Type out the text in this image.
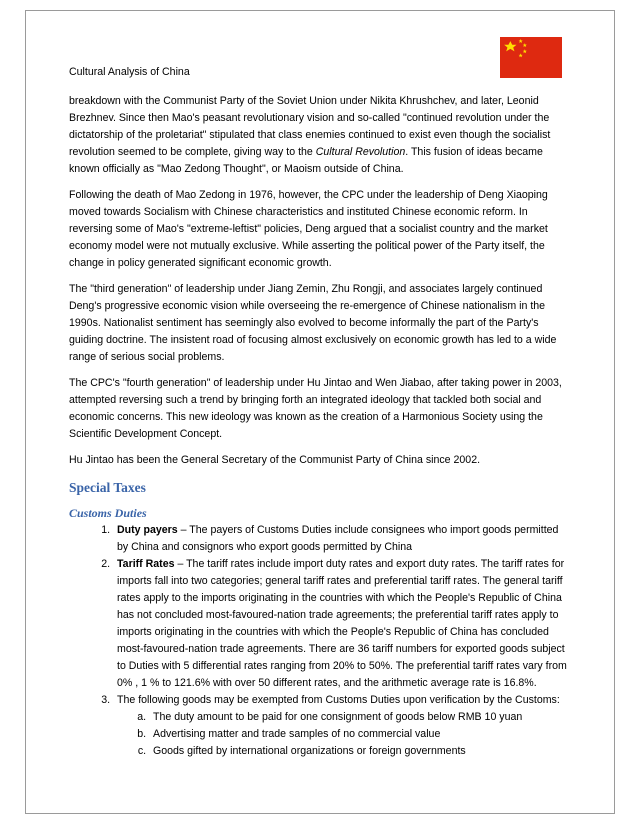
Cultural Analysis of China

breakdown with the Communist Party of the Soviet Union under Nikita Khrushchev, and later, Leonid Brezhnev. Since then Mao's peasant revolutionary vision and so-called "continued revolution under the dictatorship of the proletariat" stipulated that class enemies continued to exist even though the socialist revolution seemed to be complete, giving way to the Cultural Revolution. This fusion of ideas became known officially as "Mao Zedong Thought", or Maoism outside of China.

Following the death of Mao Zedong in 1976, however, the CPC under the leadership of Deng Xiaoping moved towards Socialism with Chinese characteristics and instituted Chinese economic reform. In reversing some of Mao's "extreme-leftist" policies, Deng argued that a socialist country and the market economy model were not mutually exclusive. While asserting the political power of the Party itself, the change in policy generated significant economic growth.

The "third generation" of leadership under Jiang Zemin, Zhu Rongji, and associates largely continued Deng's progressive economic vision while overseeing the re-emergence of Chinese nationalism in the 1990s. Nationalist sentiment has seemingly also evolved to become informally the part of the Party's guiding doctrine. The insistent road of focusing almost exclusively on economic growth has led to a wide range of serious social problems.

The CPC's "fourth generation" of leadership under Hu Jintao and Wen Jiabao, after taking power in 2003, attempted reversing such a trend by bringing forth an integrated ideology that tackled both social and economic concerns. This new ideology was known as the creation of a Harmonious Society using the Scientific Development Concept.

Hu Jintao has been the General Secretary of the Communist Party of China since 2002.

Special Taxes
Customs Duties
1. Duty payers – The payers of Customs Duties include consignees who import goods permitted by China and consignors who export goods permitted by China
2. Tariff Rates – The tariff rates include import duty rates and export duty rates. The tariff rates for imports fall into two categories; general tariff rates and preferential tariff rates. The general tariff rates apply to the imports originating in the countries with which the People's Republic of China has not concluded most-favoured-nation trade agreements; the preferential tariff rates apply to imports originating in the countries with which the People's Republic of China has concluded most-favoured-nation trade agreements. There are 36 tariff numbers for exported goods subject to Duties with 5 differential rates ranging from 20% to 50%. The preferential tariff rates vary from 0% , 1 % to 121.6% with over 50 different rates, and the arithmetic average rate is 16.8%.
3. The following goods may be exempted from Customs Duties upon verification by the Customs:
a. The duty amount to be paid for one consignment of goods below RMB 10 yuan
b. Advertising matter and trade samples of no commercial value
c. Goods gifted by international organizations or foreign governments
